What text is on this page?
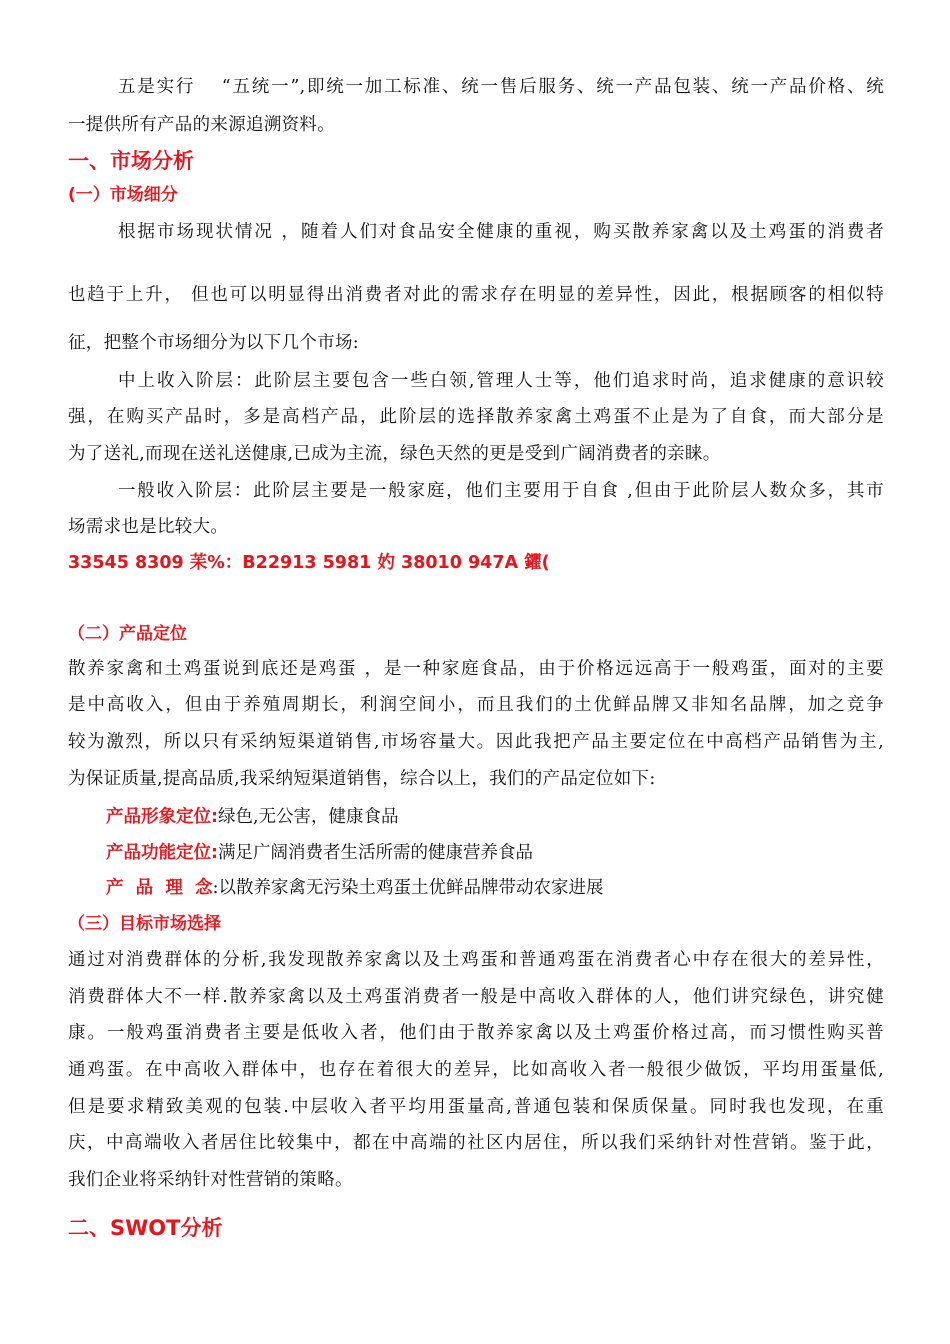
五是实行　 “五统一”,即统一加工标准、统一售后服务、统一产品包装、统一产品价格、统
一提供所有产品的来源追溯资料。
一、市场分析
(一）市场细分
根据市场现状情况 ，随着人们对食品安全健康的重视，购买散养家禽以及土鸡蛋的消费者
也趋于上升， 但也可以明显得出消费者对此的需求存在明显的差异性，因此，根据顾客的相似特
征，把整个市场细分为以下几个市场:
中上收入阶层：此阶层主要包含一些白领,管理人士等，他们追求时尚，追求健康的意识较
强，在购买产品时，多是高档产品，此阶层的选择散养家禽土鸡蛋不止是为了自食，而大部分是
为了送礼,而现在送礼送健康,已成为主流，绿色天然的更是受到广阔消费者的亲睐。
一般收入阶层：此阶层主要是一般家庭，他们主要用于自食 ,但由于此阶层人数众多，其市
场需求也是比较大。
33545 8309 苿%：B22913 5981 妁 38010 947A 鑺(
（二）产品定位
散养家禽和土鸡蛋说到底还是鸡蛋 ，是一种家庭食品，由于价格远远高于一般鸡蛋，面对的主要
是中高收入，但由于养殖周期长，利润空间小，而且我们的土优鲜品牌又非知名品牌，加之竞争
较为激烈，所以只有采纳短渠道销售,市场容量大。因此我把产品主要定位在中高档产品销售为主,
为保证质量,提高品质,我采纳短渠道销售，综合以上，我们的产品定位如下:
产品形象定位:绿色,无公害，健康食品
产品功能定位:满足广阔消费者生活所需的健康营养食品
产  品  理  念:以散养家禽无污染土鸡蛋土优鲜品牌带动农家进展
（三）目标市场选择
通过对消费群体的分析,我发现散养家禽以及土鸡蛋和普通鸡蛋在消费者心中存在很大的差异性，
消费群体大不一样.散养家禽以及土鸡蛋消费者一般是中高收入群体的人，他们讲究绿色，讲究健
康。一般鸡蛋消费者主要是低收入者，他们由于散养家禽以及土鸡蛋价格过高，而习惯性购买普
通鸡蛋。在中高收入群体中，也存在着很大的差异，比如高收入者一般很少做饭，平均用蛋量低,
但是要求精致美观的包装.中层收入者平均用蛋量高,普通包装和保质保量。同时我也发现，在重
庆，中高端收入者居住比较集中，都在中高端的社区内居住，所以我们采纳针对性营销。鉴于此，
我们企业将采纳针对性营销的策略。
二、SWOT分析
